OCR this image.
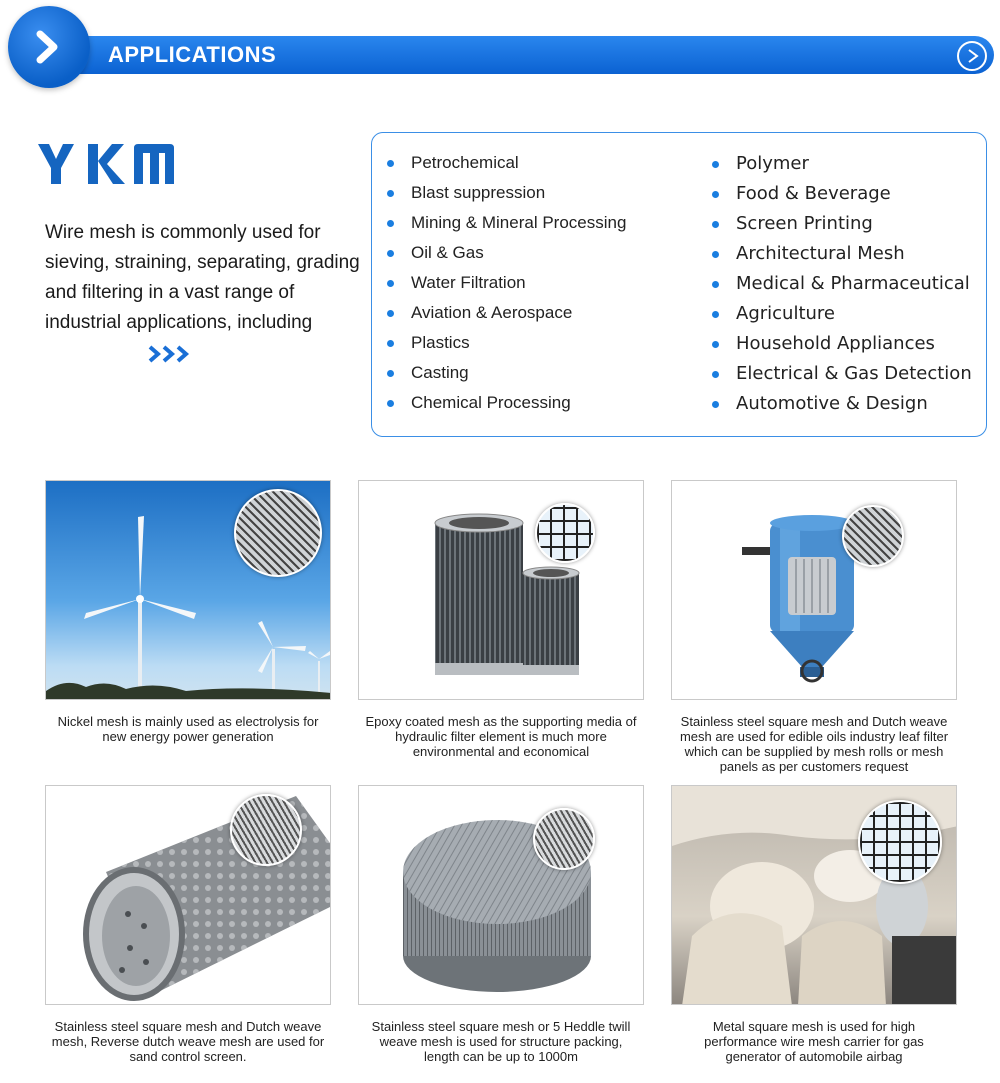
APPLICATIONS

Wire mesh is commonly used for sieving, straining, separating, grading and filtering in a vast range of industrial applications, including

Petrochemical
Blast suppression
Mining & Mineral Processing
Oil & Gas
Water Filtration
Aviation & Aerospace
Plastics
Casting
Chemical Processing
Polymer
Food & Beverage
Screen Printing
Architectural Mesh
Medical & Pharmaceutical
Agriculture
Household Appliances
Electrical & Gas Detection
Automotive & Design

Nickel mesh is mainly used as electrolysis for new energy power generation

Epoxy coated mesh as the supporting media of hydraulic filter element is much more environmental and economical

Stainless steel square mesh and Dutch weave mesh are used for edible oils industry leaf filter which can be supplied by mesh rolls or mesh panels as per customers request

Stainless steel square mesh and Dutch weave mesh, Reverse dutch weave mesh are used for sand control screen.

Stainless steel square mesh or 5 Heddle twill weave mesh is used for structure packing, length can be up to 1000m

Metal square mesh is used for high performance wire mesh carrier for gas generator of automobile airbag
